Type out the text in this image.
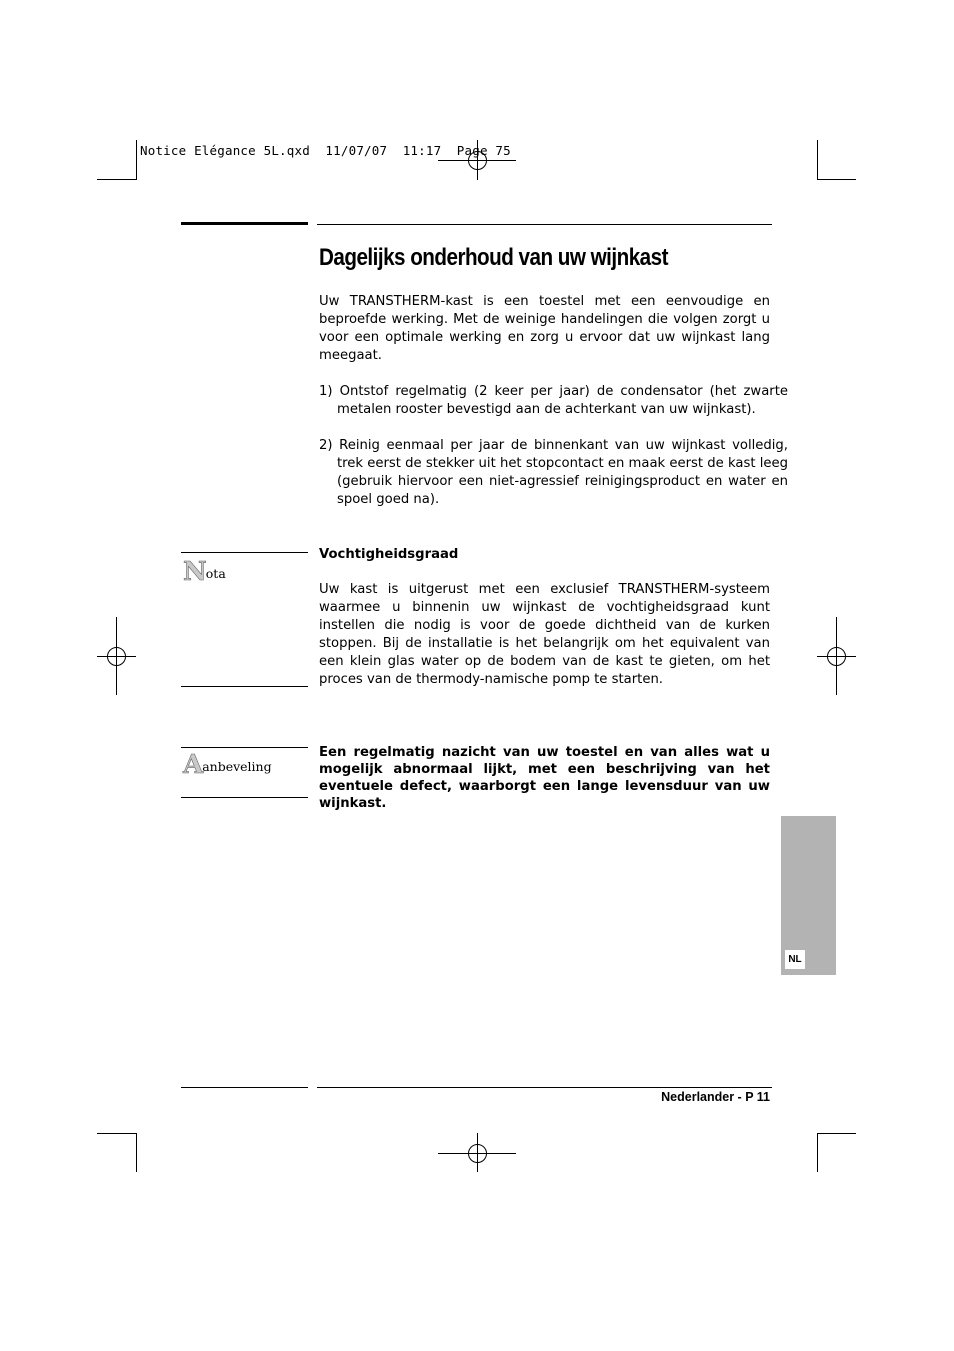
Notice Elégance 5L.qxd 11/07/07 11:17 Page 75
Dagelijks onderhoud van uw wijnkast

Uw TRANSTHERM-kast is een toestel met een eenvoudige en beproefde werking. Met de weinige handelingen die volgen zorgt u voor een optimale werking en zorg u ervoor dat uw wijnkast lang meegaat.

1) Ontstof regelmatig (2 keer per jaar) de condensator (het zwarte metalen rooster bevestigd aan de achterkant van uw wijnkast).

2) Reinig eenmaal per jaar de binnenkant van uw wijnkast volledig, trek eerst de stekker uit het stopcontact en maak eerst de kast leeg (gebruik hiervoor een niet-agressief reinigingsproduct en water en spoel goed na).

Nota

Vochtigheidsgraad

Uw kast is uitgerust met een exclusief TRANSTHERM-systeem waarmee u binnenin uw wijnkast de vochtigheidsgraad kunt instellen die nodig is voor de goede dichtheid van de kurken stoppen. Bij de installatie is het belangrijk om het equivalent van een klein glas water op de bodem van de kast te gieten, om het proces van de thermody-namische pomp te starten.

Aanbeveling

Een regelmatig nazicht van uw toestel en van alles wat u mogelijk abnormaal lijkt, met een beschrijving van het eventuele defect, waarborgt een lange levensduur van uw wijnkast.

NL
Nederlander - P 11
